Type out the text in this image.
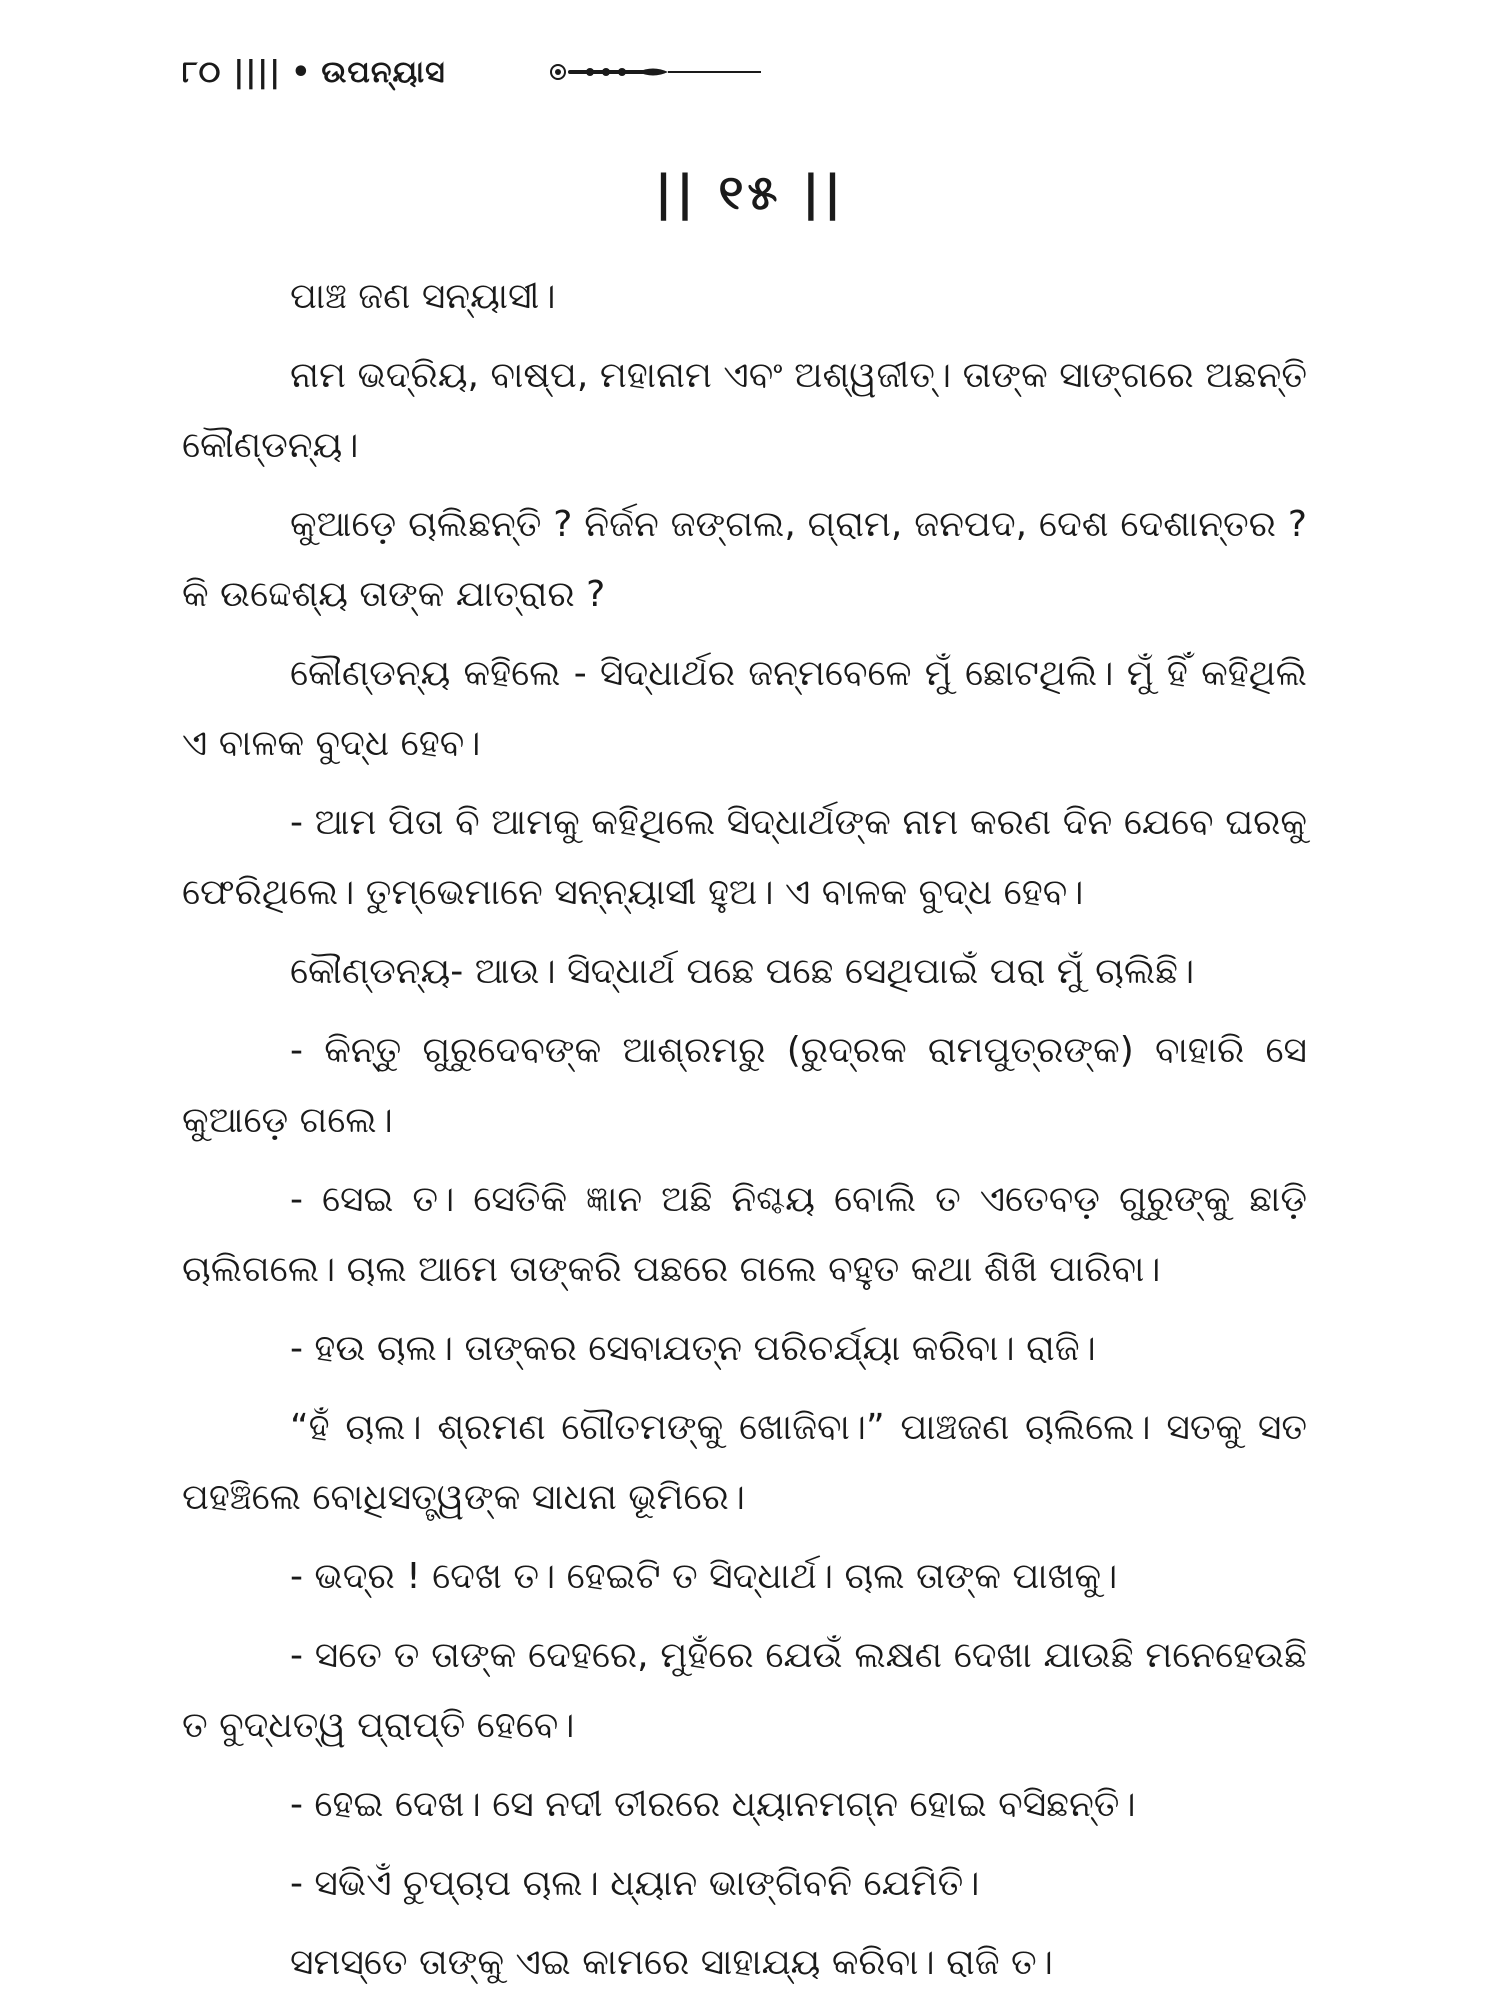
୮୦ |||| • ଉପନ୍ୟାସ
|| ୧୫ ||

ପାଞ୍ଚ ଜଣ ସନ୍ୟାସୀ।

ନାମ ଭଦ୍ରିୟ, ବାଷ୍ପ, ମହାନାମ ଏବଂ ଅଶ୍ୱଜୀତ୍। ତାଙ୍କ ସାଙ୍ଗରେ ଅଛନ୍ତି କୌଣ୍ଡନ୍ୟ।

କୁଆଡ଼େ ଚାଲିଛନ୍ତି ? ନିର୍ଜନ ଜଙ୍ଗଲ, ଗ୍ରାମ, ଜନପଦ, ଦେଶ ଦେଶାନ୍ତର ? କି ଉଦ୍ଦେଶ୍ୟ ତାଙ୍କ ଯାତ୍ରାର ?

କୌଣ୍ଡନ୍ୟ କହିଲେ - ସିଦ୍ଧାର୍ଥର ଜନ୍ମବେଳେ ମୁଁ ଛୋଟଥିଲି। ମୁଁ ହିଁ କହିଥିଲି ଏ ବାଳକ ବୁଦ୍ଧ ହେବ।

- ଆମ ପିତା ବି ଆମକୁ କହିଥିଲେ ସିଦ୍ଧାର୍ଥଙ୍କ ନାମ କରଣ ଦିନ ଯେବେ ଘରକୁ ଫେରିଥିଲେ। ତୁମ୍ଭେମାନେ ସନ୍ନ୍ୟାସୀ ହୁଅ। ଏ ବାଳକ ବୁଦ୍ଧ ହେବ।

କୌଣ୍ଡନ୍ୟ- ଆଉ। ସିଦ୍ଧାର୍ଥ ପଛେ ପଛେ ସେଥିପାଇଁ ପରା ମୁଁ ଚାଲିଛି।

- କିନ୍ତୁ ଗୁରୁଦେବଙ୍କ ଆଶ୍ରମରୁ (ରୁଦ୍ରକ ରାମପୁତ୍ରଙ୍କ) ବାହାରି ସେ କୁଆଡ଼େ ଗଲେ।

- ସେଇ ତ। ସେତିକି ଜ୍ଞାନ ଅଛି ନିଶ୍ଚୟ ବୋଲି ତ ଏତେବଡ଼ ଗୁରୁଙ୍କୁ ଛାଡ଼ି ଚାଲିଗଲେ। ଚାଲ ଆମେ ତାଙ୍କରି ପଛରେ ଗଲେ ବହୁତ କଥା ଶିଖି ପାରିବା।

- ହଉ ଚାଲ। ତାଙ୍କର ସେବାଯତ୍ନ ପରିଚର୍ଯ୍ୟା କରିବା। ରାଜି।

“ହଁ ଚାଲ। ଶ୍ରମଣ ଗୌତମଙ୍କୁ ଖୋଜିବା।” ପାଞ୍ଚଜଣ ଚାଲିଲେ। ସତକୁ ସତ ପହଞ୍ଚିଲେ ବୋଧିସତ୍ତ୍ୱଙ୍କ ସାଧନା ଭୂମିରେ।

- ଭଦ୍ର ! ଦେଖ ତ। ହେଇଟି ତ ସିଦ୍ଧାର୍ଥ। ଚାଲ ତାଙ୍କ ପାଖକୁ।

- ସତେ ତ ତାଙ୍କ ଦେହରେ, ମୁହଁରେ ଯେଉଁ ଲକ୍ଷଣ ଦେଖା ଯାଉଛି ମନେହେଉଛି ତ ବୁଦ୍ଧତ୍ୱ ପ୍ରାପ୍ତି ହେବେ।

- ହେଇ ଦେଖ। ସେ ନଦୀ ତୀରରେ ଧ୍ୟାନମଗ୍ନ ହୋଇ ବସିଛନ୍ତି।

- ସଭିଏଁ ଚୁପ୍‌ଚାପ ଚାଲ। ଧ୍ୟାନ ଭାଙ୍ଗିବନି ଯେମିତି।

ସମସ୍ତେ ତାଙ୍କୁ ଏଇ କାମରେ ସାହାଯ୍ୟ କରିବା। ରାଜି ତ।
